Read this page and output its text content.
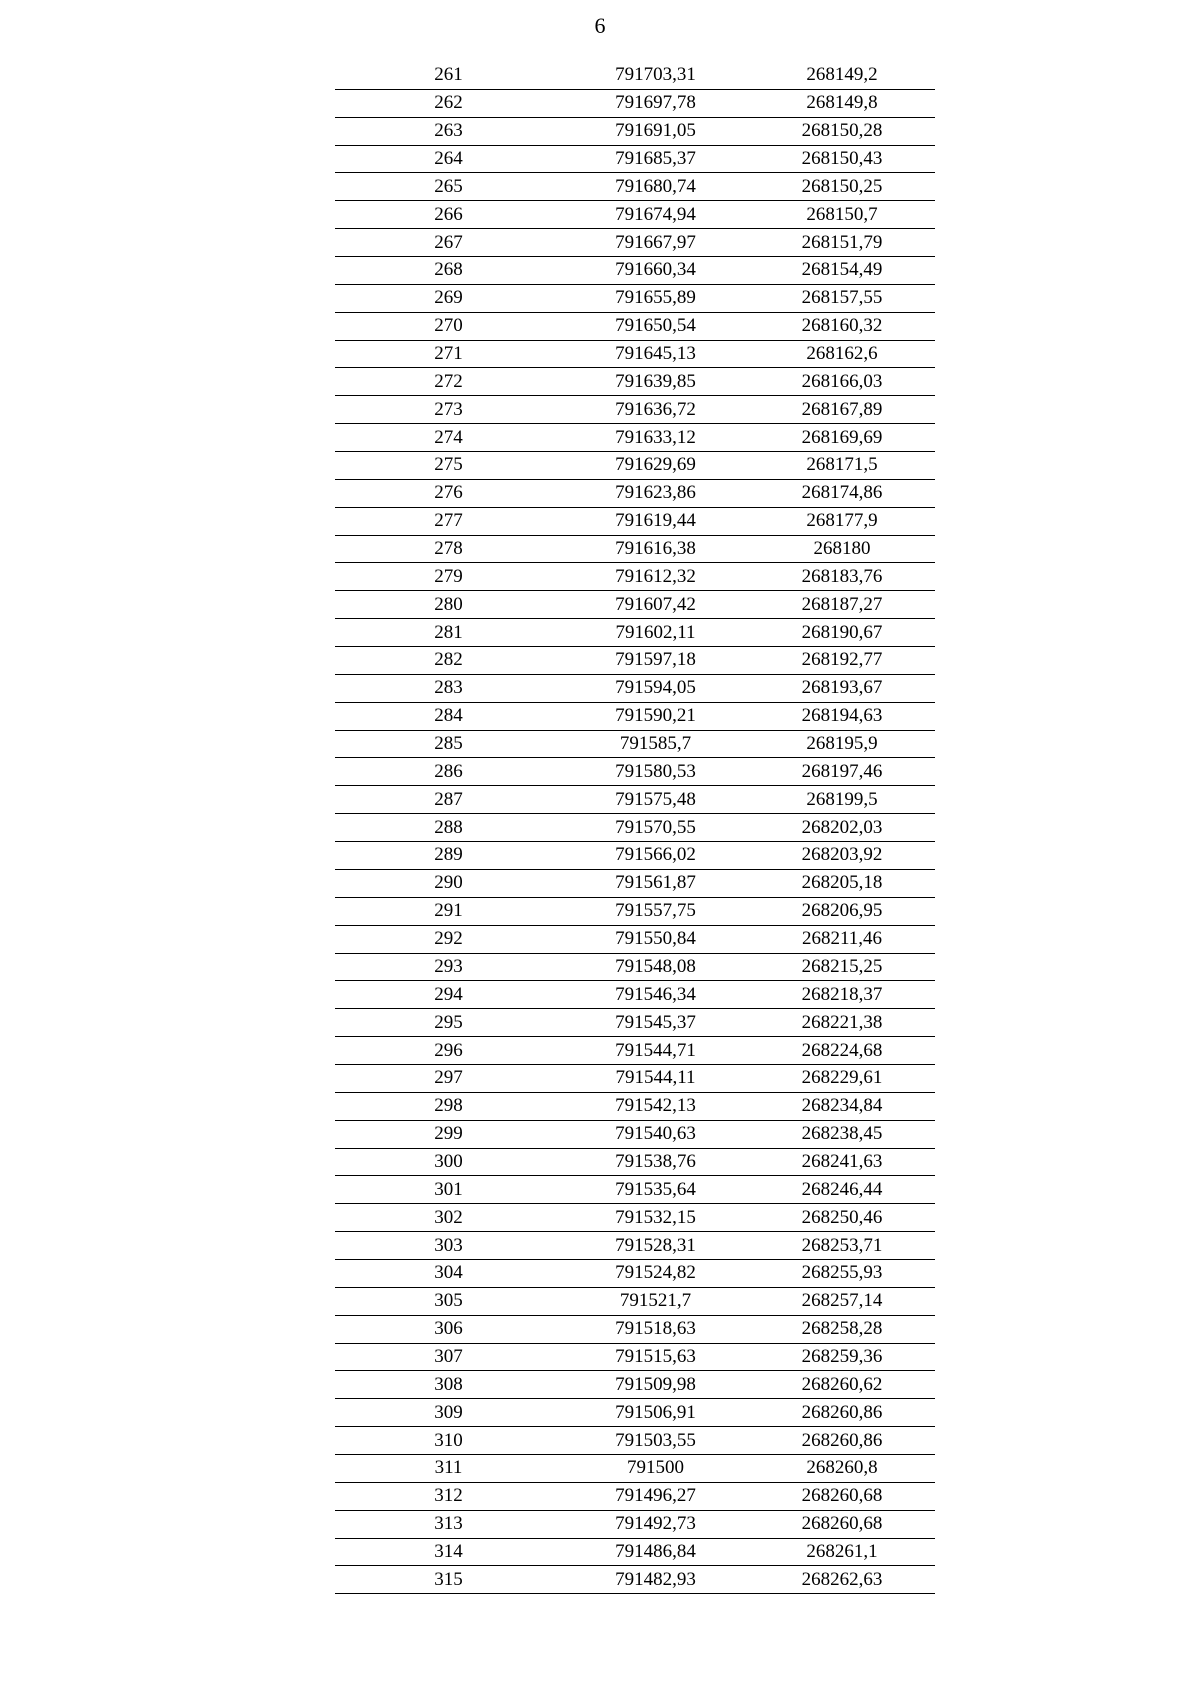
6
261	791703,31	268149,2
262	791697,78	268149,8
263	791691,05	268150,28
264	791685,37	268150,43
265	791680,74	268150,25
266	791674,94	268150,7
267	791667,97	268151,79
268	791660,34	268154,49
269	791655,89	268157,55
270	791650,54	268160,32
271	791645,13	268162,6
272	791639,85	268166,03
273	791636,72	268167,89
274	791633,12	268169,69
275	791629,69	268171,5
276	791623,86	268174,86
277	791619,44	268177,9
278	791616,38	268180
279	791612,32	268183,76
280	791607,42	268187,27
281	791602,11	268190,67
282	791597,18	268192,77
283	791594,05	268193,67
284	791590,21	268194,63
285	791585,7	268195,9
286	791580,53	268197,46
287	791575,48	268199,5
288	791570,55	268202,03
289	791566,02	268203,92
290	791561,87	268205,18
291	791557,75	268206,95
292	791550,84	268211,46
293	791548,08	268215,25
294	791546,34	268218,37
295	791545,37	268221,38
296	791544,71	268224,68
297	791544,11	268229,61
298	791542,13	268234,84
299	791540,63	268238,45
300	791538,76	268241,63
301	791535,64	268246,44
302	791532,15	268250,46
303	791528,31	268253,71
304	791524,82	268255,93
305	791521,7	268257,14
306	791518,63	268258,28
307	791515,63	268259,36
308	791509,98	268260,62
309	791506,91	268260,86
310	791503,55	268260,86
311	791500	268260,8
312	791496,27	268260,68
313	791492,73	268260,68
314	791486,84	268261,1
315	791482,93	268262,63
